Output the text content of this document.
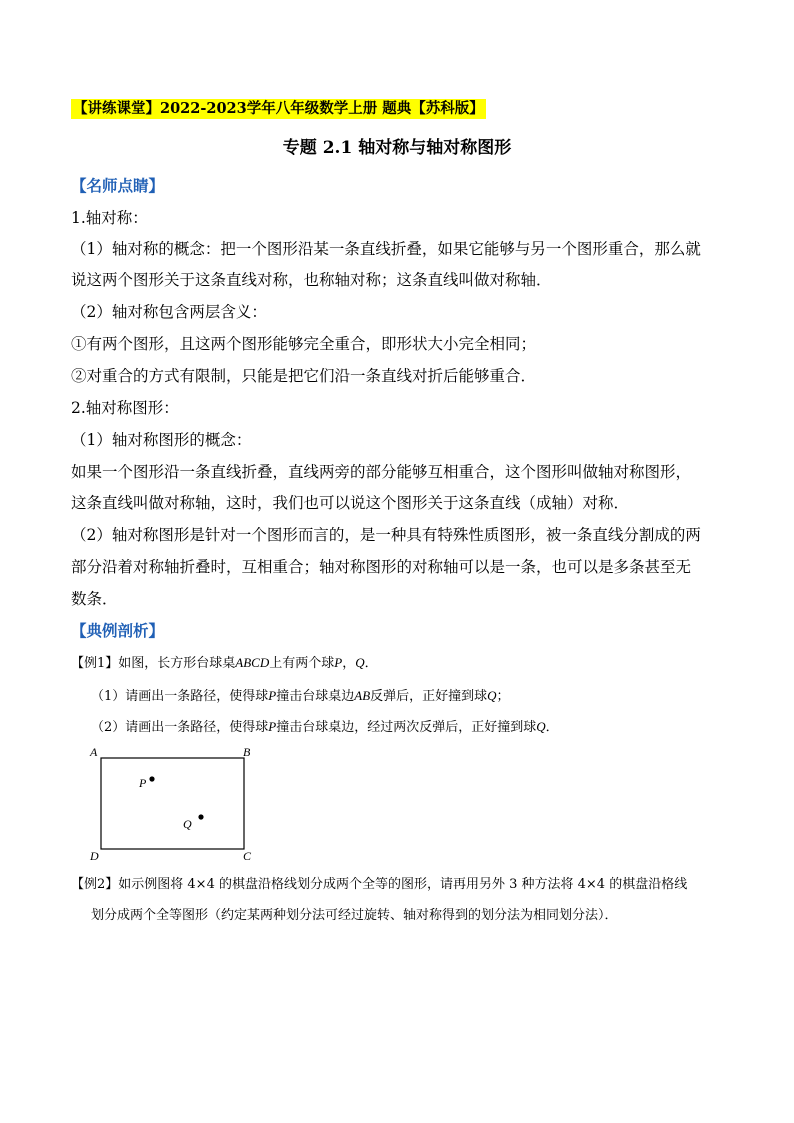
【讲练课堂】2022-2023学年八年级数学上册 题典【苏科版】
专题 2.1 轴对称与轴对称图形
【名师点睛】
1.轴对称：
（1）轴对称的概念：把一个图形沿某一条直线折叠，如果它能够与另一个图形重合，那么就
说这两个图形关于这条直线对称，也称轴对称；这条直线叫做对称轴．
（2）轴对称包含两层含义：
①有两个图形，且这两个图形能够完全重合，即形状大小完全相同；
②对重合的方式有限制，只能是把它们沿一条直线对折后能够重合．
2.轴对称图形：
（1）轴对称图形的概念：
如果一个图形沿一条直线折叠，直线两旁的部分能够互相重合，这个图形叫做轴对称图形，
这条直线叫做对称轴，这时，我们也可以说这个图形关于这条直线（成轴）对称．
（2）轴对称图形是针对一个图形而言的，是一种具有特殊性质图形，被一条直线分割成的两
部分沿着对称轴折叠时，互相重合；轴对称图形的对称轴可以是一条，也可以是多条甚至无
数条．
【典例剖析】
【例1】如图，长方形台球桌ABCD上有两个球P，Q．
（1）请画出一条路径，使得球P撞击台球桌边AB反弹后，正好撞到球Q；
（2）请画出一条路径，使得球P撞击台球桌边，经过两次反弹后，正好撞到球Q．
A	B
C
D
P
Q
【例2】如示例图将 4×4 的棋盘沿格线划分成两个全等的图形，请再用另外 3 种方法将 4×4 的棋盘沿格线
划分成两个全等图形（约定某两种划分法可经过旋转、轴对称得到的划分法为相同划分法）．
